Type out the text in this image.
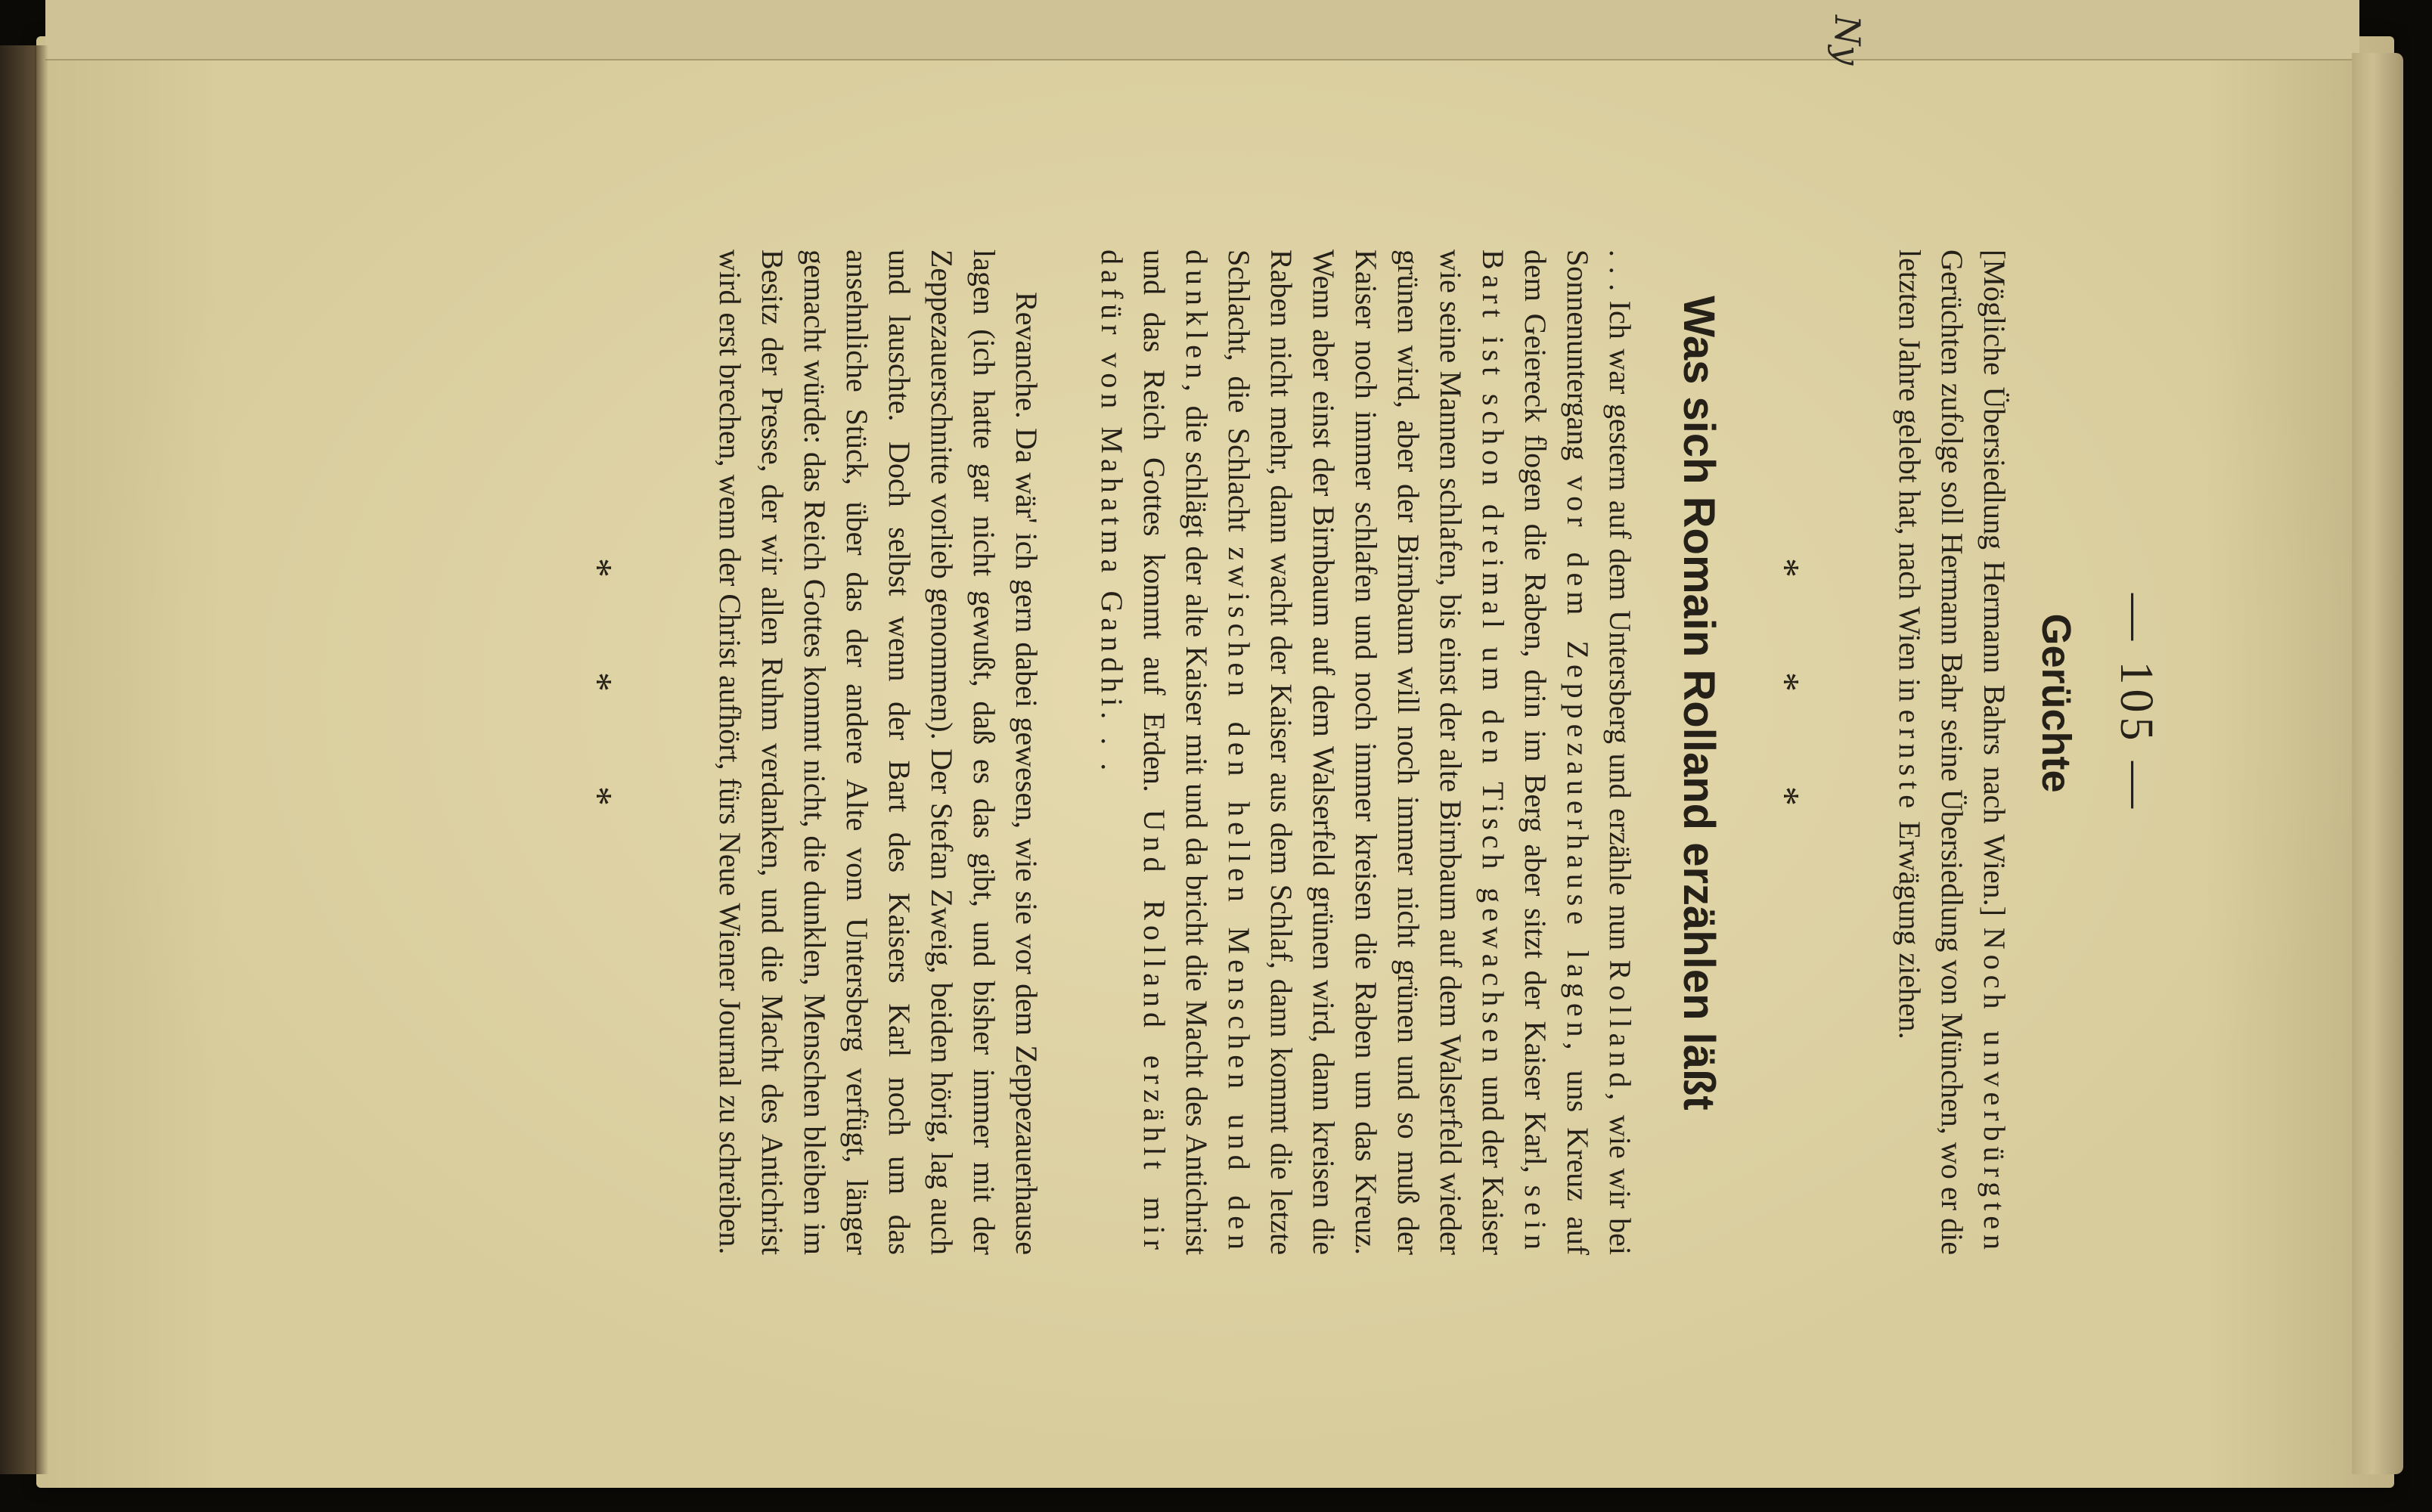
Ny
— 105 —
Gerüchte

[Mögliche Übersiedlung Hermann Bahrs nach Wien.] Noch unverbürgten Gerüchten zufolge soll Hermann Bahr seine Übersiedlung von München, wo er die letzten Jahre gelebt hat, nach Wien in ernste Erwägung ziehen.

* * *
Was sich Romain Rolland erzählen läßt

. . . Ich war gestern auf dem Untersberg und erzähle nun Rolland, wie wir bei Sonnenuntergang vor dem Zeppezauerhause lagen, uns Kreuz auf dem Geiereck flogen die Raben, drin im Berg aber sitzt der Kaiser Karl, sein Bart ist schon dreimal um den Tisch gewachsen und der Kaiser wie seine Mannen schlafen, bis einst der alte Birnbaum auf dem Walserfeld wieder grünen wird, aber der Birnbaum will noch immer nicht grünen und so muß der Kaiser noch immer schlafen und noch immer kreisen die Raben um das Kreuz. Wenn aber einst der Birnbaum auf dem Walserfeld grünen wird, dann kreisen die Raben nicht mehr, dann wacht der Kaiser aus dem Schlaf, dann kommt die letzte Schlacht, die Schlacht zwischen den hellen Menschen und den dunklen, die schlägt der alte Kaiser mit und da bricht die Macht des Antichrist und das Reich Gottes kommt auf Erden. Und Rolland erzählt mir dafür von Mahatma Gandhi. . .

Revanche. Da wär' ich gern dabei gewesen, wie sie vor dem Zeppezauerhause lagen (ich hatte gar nicht gewußt, daß es das gibt, und bisher immer mit der Zeppezauerschnitte vorlieb genommen). Der Stefan Zweig, beiden hörig, lag auch und lauschte. Doch selbst wenn der Bart des Kaisers Karl noch um das ansehnliche Stück, über das der andere Alte vom Untersberg verfügt, länger gemacht würde: das Reich Gottes kommt nicht, die dunklen, Menschen bleiben im Besitz der Presse, der wir allen Ruhm verdanken, und die Macht des Antichrist wird erst brechen, wenn der Christ aufhört, fürs Neue Wiener Journal zu schreiben.

* * *
